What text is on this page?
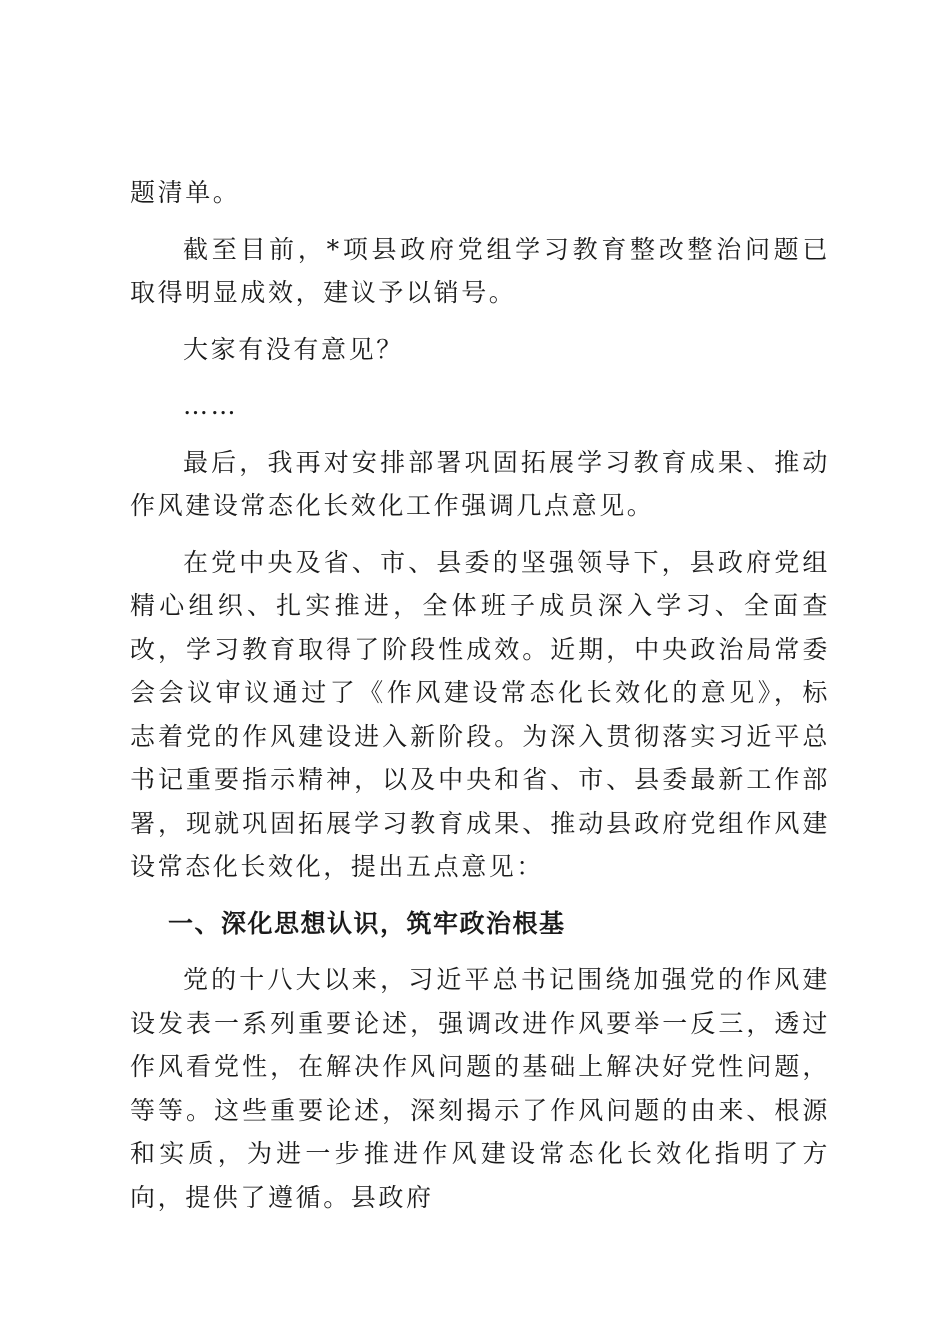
题清单。

截至目前，*项县政府党组学习教育整改整治问题已取得明显成效，建议予以销号。

大家有没有意见？

……

最后，我再对安排部署巩固拓展学习教育成果、推动作风建设常态化长效化工作强调几点意见。

在党中央及省、市、县委的坚强领导下，县政府党组精心组织、扎实推进，全体班子成员深入学习、全面查改，学习教育取得了阶段性成效。近期，中央政治局常委会会议审议通过了《作风建设常态化长效化的意见》，标志着党的作风建设进入新阶段。为深入贯彻落实习近平总书记重要指示精神，以及中央和省、市、县委最新工作部署，现就巩固拓展学习教育成果、推动县政府党组作风建设常态化长效化，提出五点意见：

一、深化思想认识，筑牢政治根基

党的十八大以来，习近平总书记围绕加强党的作风建设发表一系列重要论述，强调改进作风要举一反三，透过作风看党性，在解决作风问题的基础上解决好党性问题，等等。这些重要论述，深刻揭示了作风问题的由来、根源和实质，为进一步推进作风建设常态化长效化指明了方向，提供了遵循。县政府
